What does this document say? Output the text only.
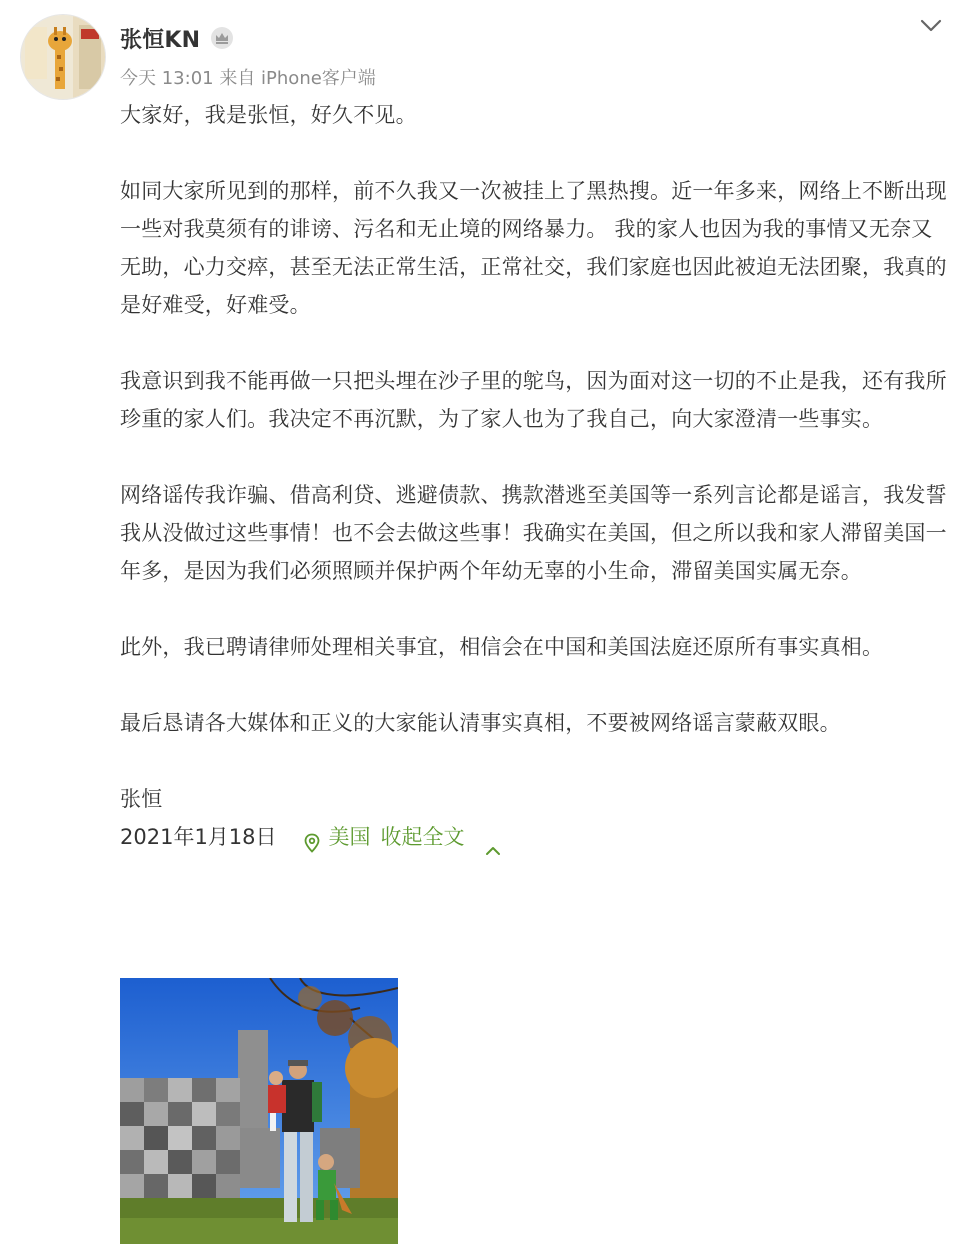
张恒KN
今天 13:01 来自 iPhone客户端

大家好，我是张恒，好久不见。

如同大家所见到的那样，前不久我又一次被挂上了黑热搜。近一年多来，网络上不断出现一些对我莫须有的诽谤、污名和无止境的网络暴力。 我的家人也因为我的事情又无奈又无助，心力交瘁，甚至无法正常生活，正常社交，我们家庭也因此被迫无法团聚，我真的是好难受，好难受。

我意识到我不能再做一只把头埋在沙子里的鸵鸟，因为面对这一切的不止是我，还有我所珍重的家人们。我决定不再沉默，为了家人也为了我自己，向大家澄清一些事实。

网络谣传我诈骗、借高利贷、逃避债款、携款潜逃至美国等一系列言论都是谣言，我发誓我从没做过这些事情！也不会去做这些事！我确实在美国，但之所以我和家人滞留美国一年多，是因为我们必须照顾并保护两个年幼无辜的小生命，滞留美国实属无奈。

此外，我已聘请律师处理相关事宜，相信会在中国和美国法庭还原所有事实真相。

最后恳请各大媒体和正义的大家能认清事实真相，不要被网络谣言蒙蔽双眼。

张恒

2021年1月18日 美国 收起全文
